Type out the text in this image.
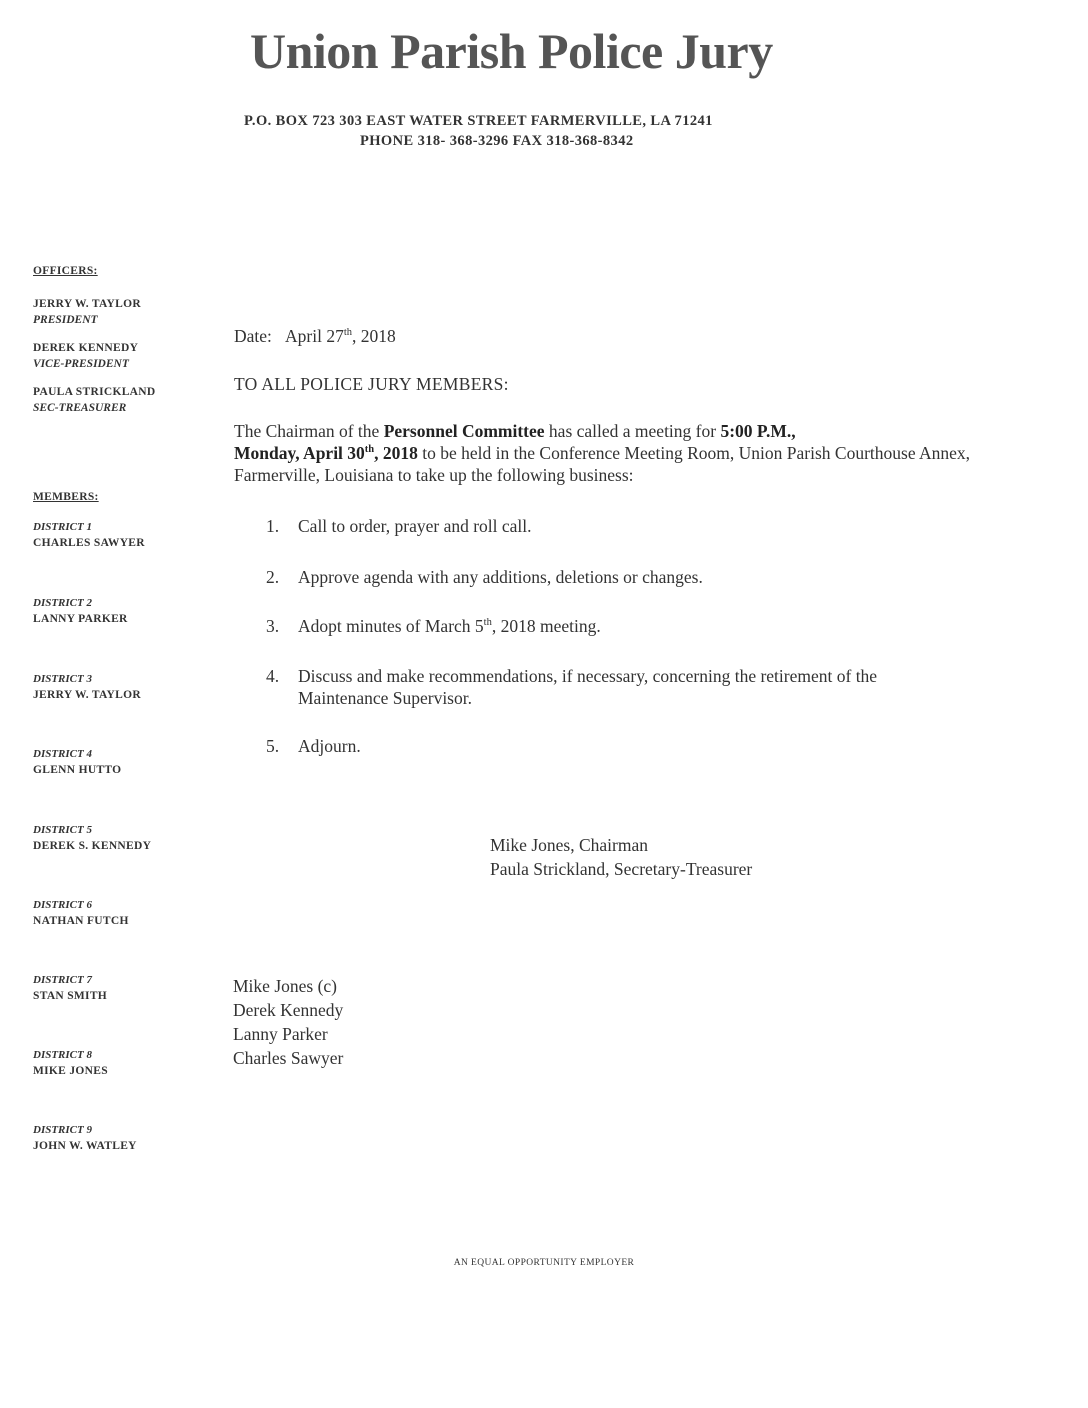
Union Parish Police Jury
P.O. BOX 723 303 EAST WATER STREET FARMERVILLE, LA 71241
PHONE 318- 368-3296 FAX 318-368-8342
OFFICERS:
JERRY W. TAYLOR
PRESIDENT
DEREK KENNEDY
VICE-PRESIDENT
PAULA STRICKLAND
SEC-TREASURER
MEMBERS:
DISTRICT 1
CHARLES SAWYER
DISTRICT 2
LANNY PARKER
DISTRICT 3
JERRY W. TAYLOR
DISTRICT 4
GLENN HUTTO
DISTRICT 5
DEREK S. KENNEDY
DISTRICT 6
NATHAN FUTCH
DISTRICT 7
STAN SMITH
DISTRICT 8
MIKE JONES
DISTRICT 9
JOHN W. WATLEY
Date: April 27th, 2018
TO ALL POLICE JURY MEMBERS:
The Chairman of the Personnel Committee has called a meeting for 5:00 P.M.,
Monday, April 30th, 2018 to be held in the Conference Meeting Room, Union Parish Courthouse Annex, Farmerville, Louisiana to take up the following business:
1.	Call to order, prayer and roll call.
2.	Approve agenda with any additions, deletions or changes.
3.	Adopt minutes of March 5th, 2018 meeting.
4.	Discuss and make recommendations, if necessary, concerning the retirement of the Maintenance Supervisor.
5.	Adjourn.
Mike Jones, Chairman
Paula Strickland, Secretary-Treasurer
Mike Jones (c)
Derek Kennedy
Lanny Parker
Charles Sawyer
AN EQUAL OPPORTUNITY EMPLOYER
